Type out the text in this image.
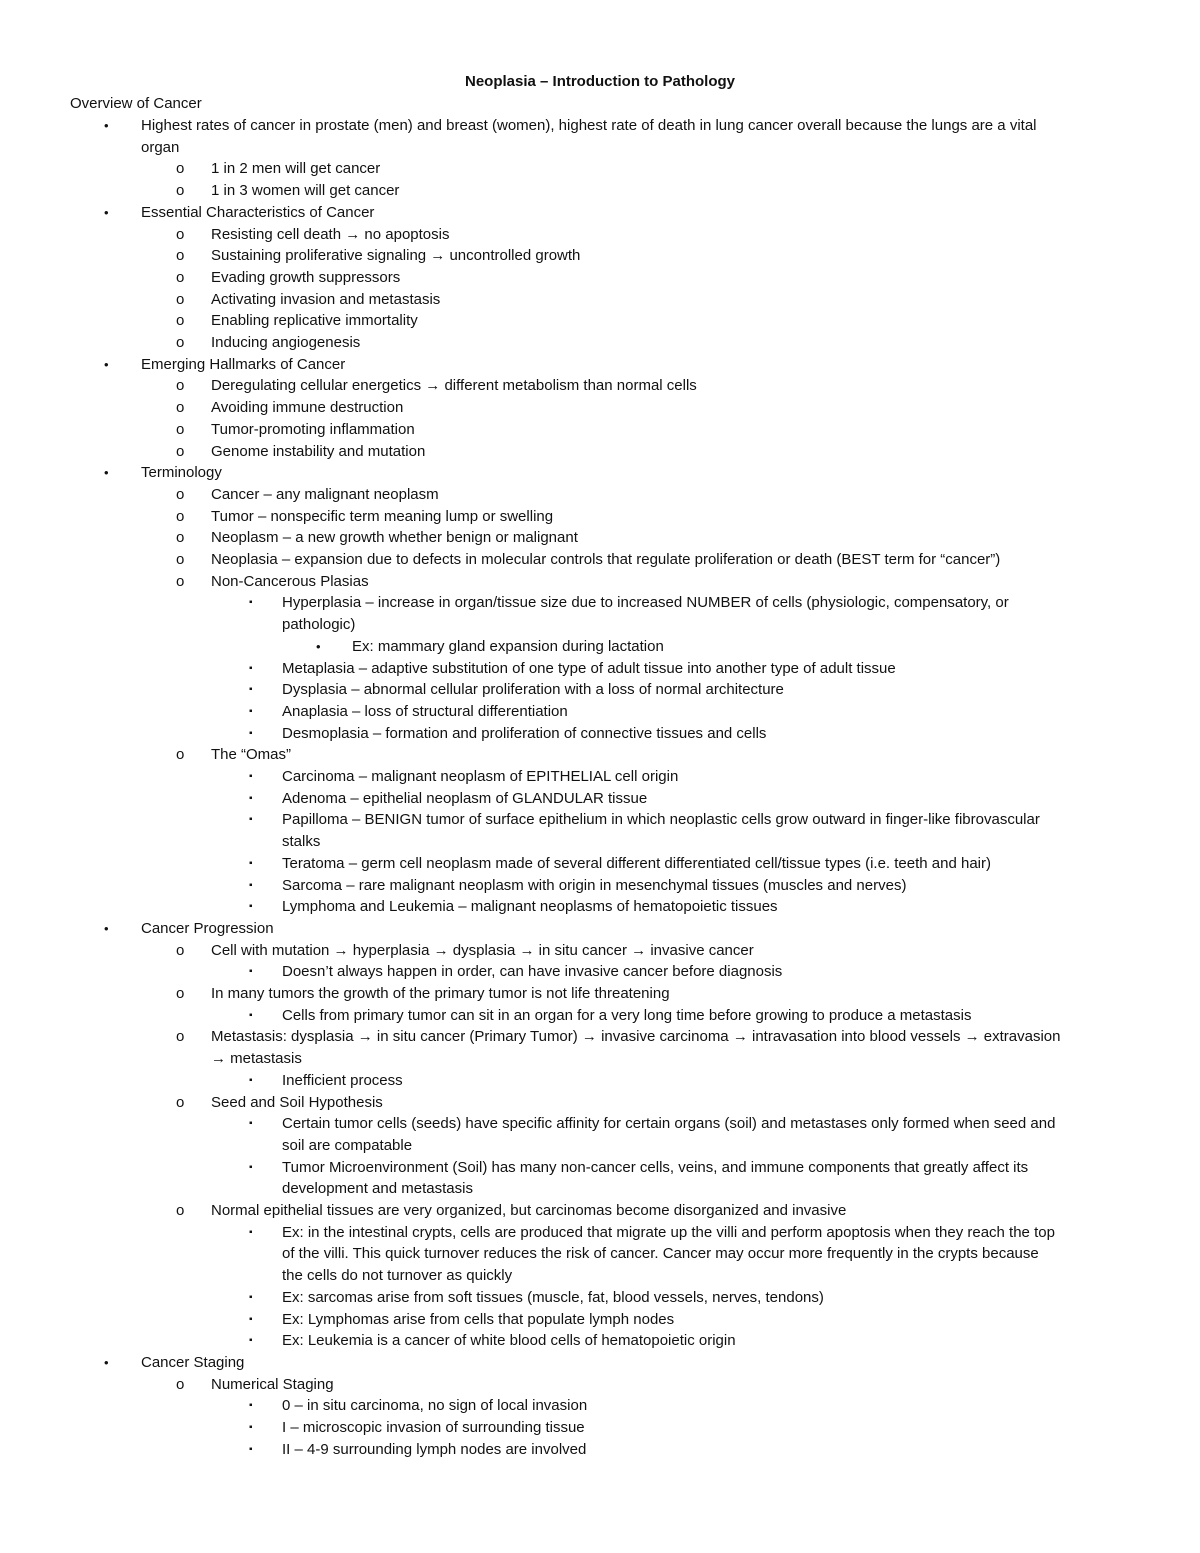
Neoplasia – Introduction to Pathology
Overview of Cancer
Highest rates of cancer in prostate (men) and breast (women), highest rate of death in lung cancer overall because the lungs are a vital
•
organ
1 in 2 men will get cancer
o
1 in 3 women will get cancer
o
Essential Characteristics of Cancer
•
Resisting cell death → no apoptosis
o
Sustaining proliferative signaling → uncontrolled growth
o
Evading growth suppressors
o
Activating invasion and metastasis
o
Enabling replicative immortality
o
Inducing angiogenesis
o
Emerging Hallmarks of Cancer
•
Deregulating cellular energetics → different metabolism than normal cells
o
Avoiding immune destruction
o
Tumor-promoting inflammation
o
Genome instability and mutation
o
Terminology
•
Cancer – any malignant neoplasm
o
Tumor – nonspecific term meaning lump or swelling
o
Neoplasm – a new growth whether benign or malignant
o
Neoplasia – expansion due to defects in molecular controls that regulate proliferation or death (BEST term for “cancer”)
o
Non-Cancerous Plasias
o
Hyperplasia – increase in organ/tissue size due to increased NUMBER of cells (physiologic, compensatory, or
▪
pathologic)
Ex: mammary gland expansion during lactation
•
Metaplasia – adaptive substitution of one type of adult tissue into another type of adult tissue
▪
Dysplasia – abnormal cellular proliferation with a loss of normal architecture
▪
Anaplasia – loss of structural differentiation
▪
Desmoplasia – formation and proliferation of connective tissues and cells
▪
The “Omas”
o
Carcinoma – malignant neoplasm of EPITHELIAL cell origin
▪
Adenoma – epithelial neoplasm of GLANDULAR tissue
▪
Papilloma – BENIGN tumor of surface epithelium in which neoplastic cells grow outward in finger-like fibrovascular
▪
stalks
Teratoma – germ cell neoplasm made of several different differentiated cell/tissue types (i.e. teeth and hair)
▪
Sarcoma – rare malignant neoplasm with origin in mesenchymal tissues (muscles and nerves)
▪
Lymphoma and Leukemia – malignant neoplasms of hematopoietic tissues
▪
Cancer Progression
•
Cell with mutation → hyperplasia → dysplasia → in situ cancer → invasive cancer
o
Doesn’t always happen in order, can have invasive cancer before diagnosis
▪
In many tumors the growth of the primary tumor is not life threatening
o
Cells from primary tumor can sit in an organ for a very long time before growing to produce a metastasis
▪
Metastasis: dysplasia → in situ cancer (Primary Tumor) → invasive carcinoma → intravasation into blood vessels → extravasion
o
→ metastasis
Inefficient process
▪
Seed and Soil Hypothesis
o
Certain tumor cells (seeds) have specific affinity for certain organs (soil) and metastases only formed when seed and
▪
soil are compatable
Tumor Microenvironment (Soil) has many non-cancer cells, veins, and immune components that greatly affect its
▪
development and metastasis
Normal epithelial tissues are very organized, but carcinomas become disorganized and invasive
o
Ex: in the intestinal crypts, cells are produced that migrate up the villi and perform apoptosis when they reach the top
▪
of the villi. This quick turnover reduces the risk of cancer. Cancer may occur more frequently in the crypts because
the cells do not turnover as quickly
Ex: sarcomas arise from soft tissues (muscle, fat, blood vessels, nerves, tendons)
▪
Ex: Lymphomas arise from cells that populate lymph nodes
▪
Ex: Leukemia is a cancer of white blood cells of hematopoietic origin
▪
Cancer Staging
•
Numerical Staging
o
0 – in situ carcinoma, no sign of local invasion
▪
I – microscopic invasion of surrounding tissue
▪
II – 4-9 surrounding lymph nodes are involved
▪
